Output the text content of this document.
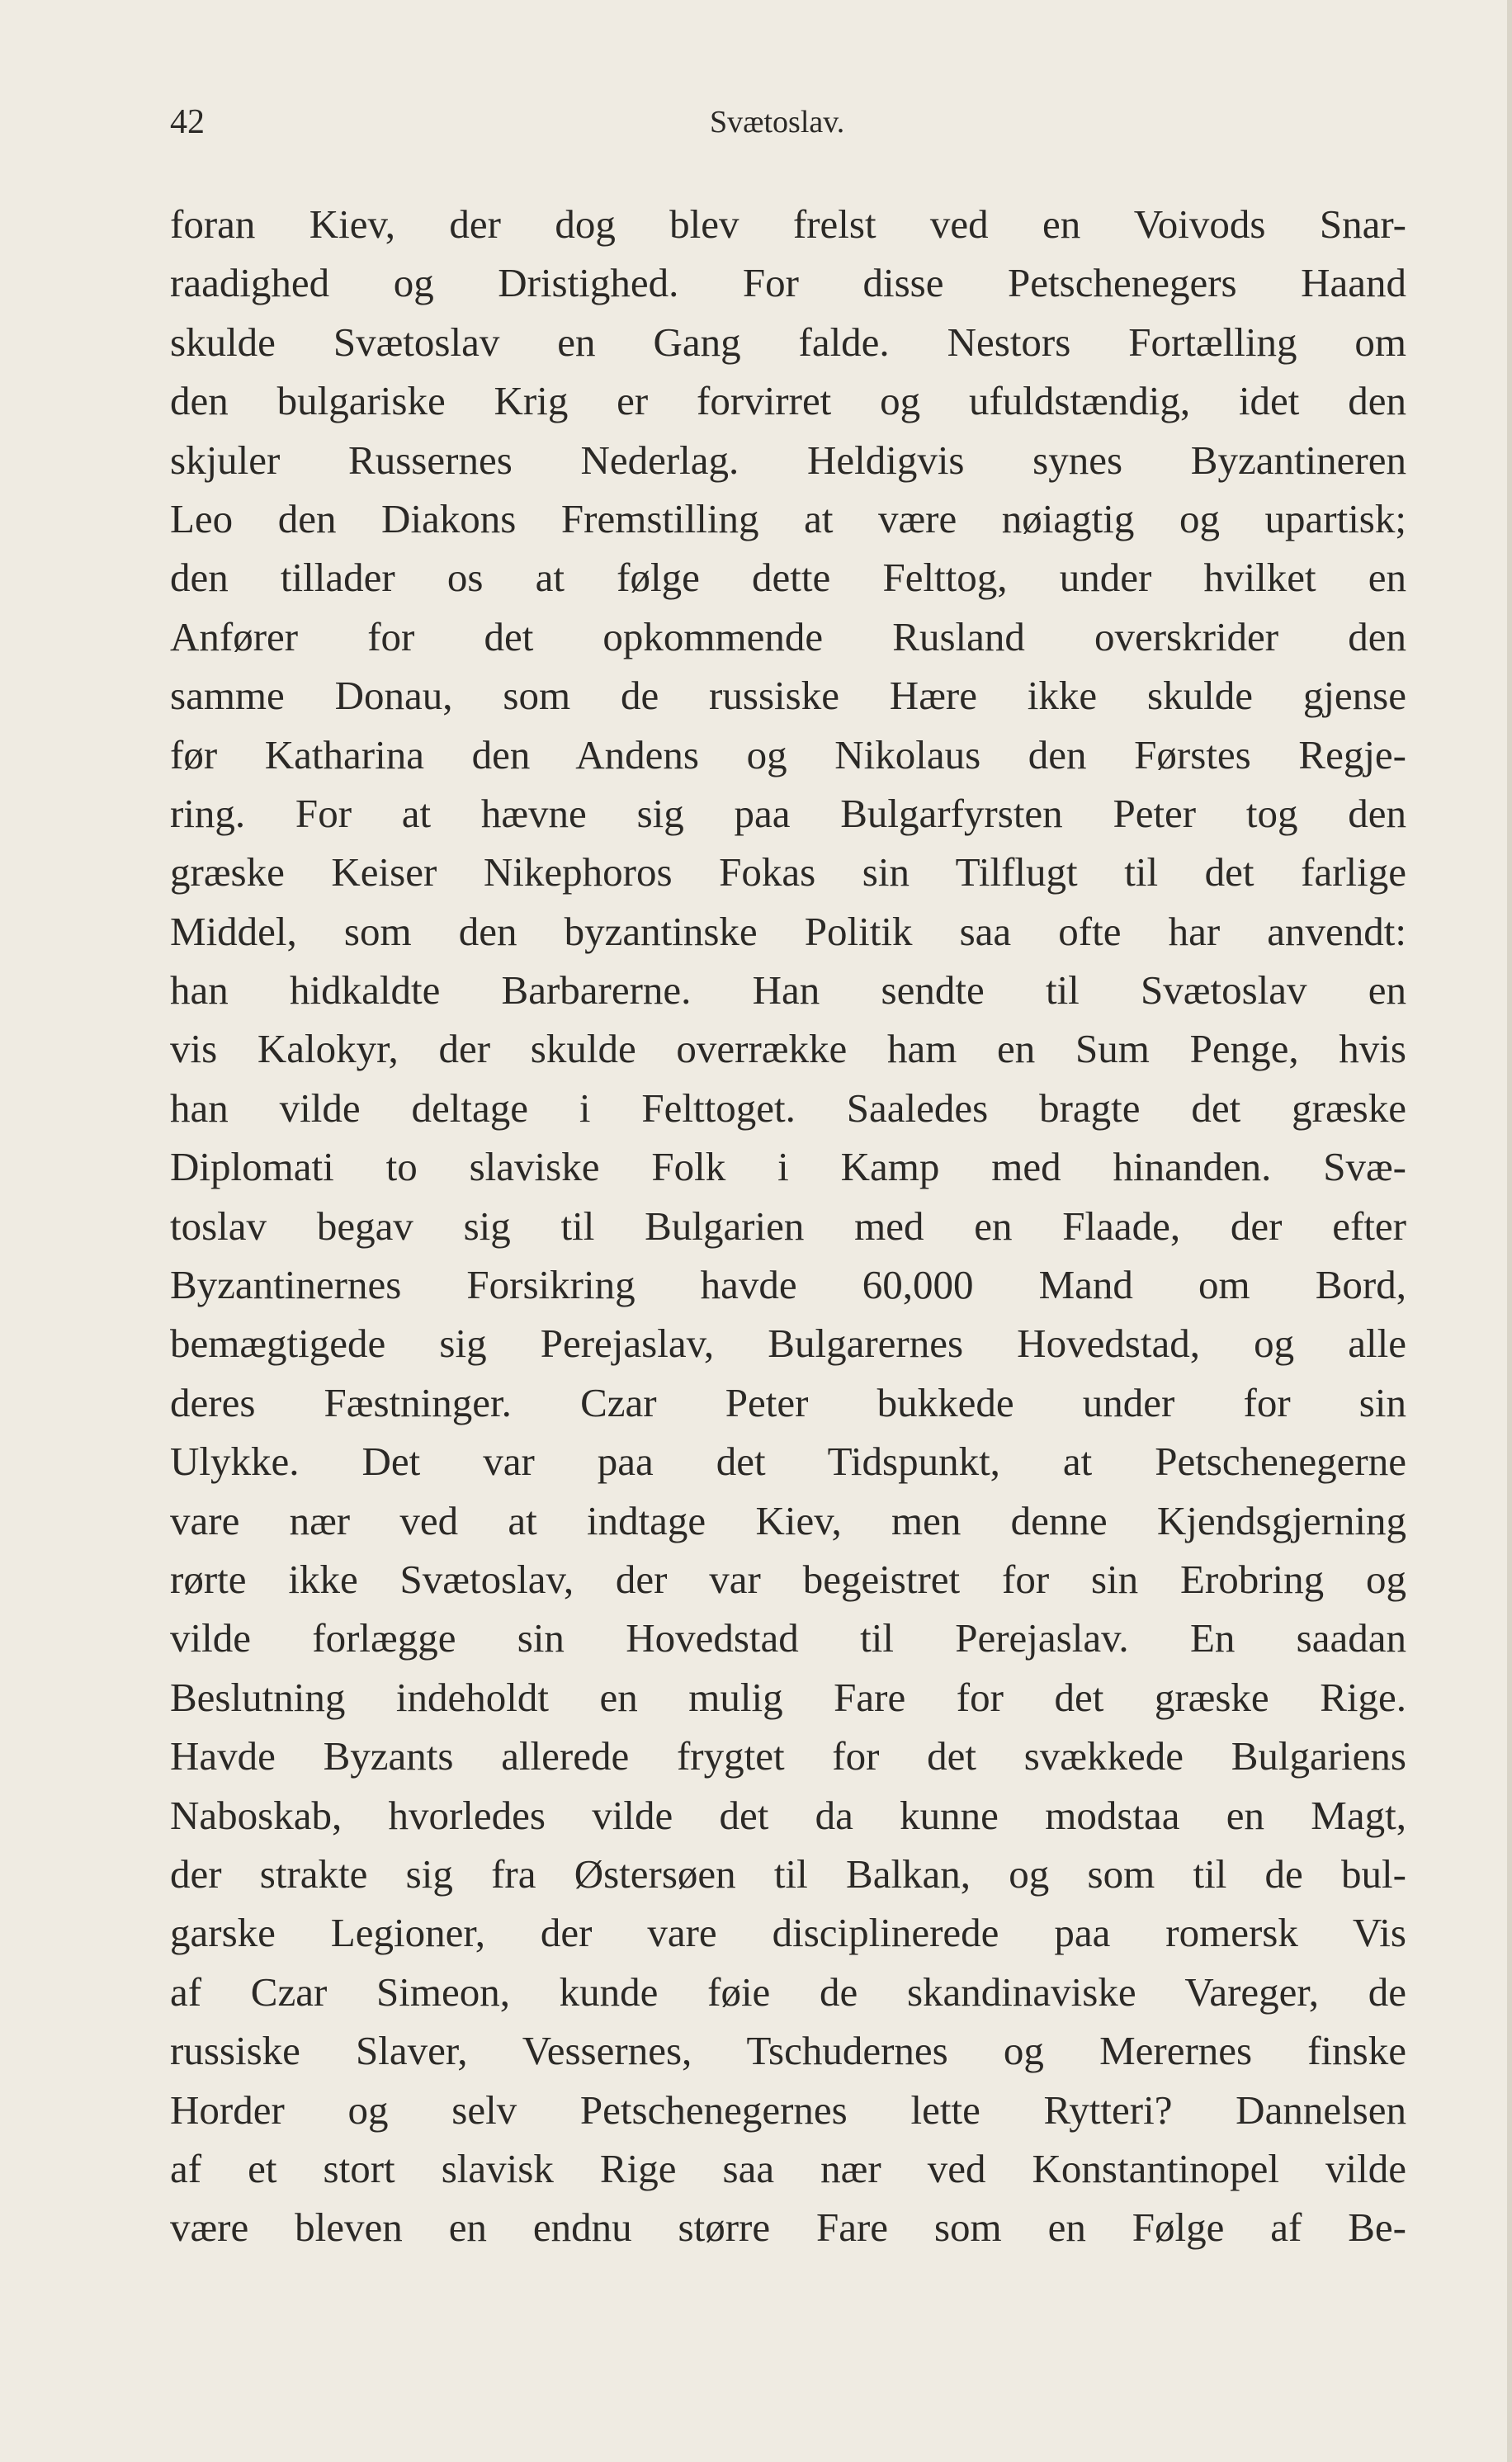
42	Svætoslav.
foran Kiev, der dog blev frelst ved en Voivods Snar-
raadighed og Dristighed. For disse Petschenegers Haand
skulde Svætoslav en Gang falde. Nestors Fortælling om
den bulgariske Krig er forvirret og ufuldstændig, idet den
skjuler Russernes Nederlag. Heldigvis synes Byzantineren
Leo den Diakons Fremstilling at være nøiagtig og upartisk;
den tillader os at følge dette Felttog, under hvilket en
Anfører for det opkommende Rusland overskrider den
samme Donau, som de russiske Hære ikke skulde gjense
før Katharina den Andens og Nikolaus den Førstes Regje-
ring. For at hævne sig paa Bulgarfyrsten Peter tog den
græske Keiser Nikephoros Fokas sin Tilflugt til det farlige
Middel, som den byzantinske Politik saa ofte har anvendt:
han hidkaldte Barbarerne. Han sendte til Svætoslav en
vis Kalokyr, der skulde overrække ham en Sum Penge, hvis
han vilde deltage i Felttoget. Saaledes bragte det græske
Diplomati to slaviske Folk i Kamp med hinanden. Svæ-
toslav begav sig til Bulgarien med en Flaade, der efter
Byzantinernes Forsikring havde 60,000 Mand om Bord,
bemægtigede sig Perejaslav, Bulgarernes Hovedstad, og alle
deres Fæstninger. Czar Peter bukkede under for sin
Ulykke. Det var paa det Tidspunkt, at Petschenegerne
vare nær ved at indtage Kiev, men denne Kjendsgjerning
rørte ikke Svætoslav, der var begeistret for sin Erobring og
vilde forlægge sin Hovedstad til Perejaslav. En saadan
Beslutning indeholdt en mulig Fare for det græske Rige.
Havde Byzants allerede frygtet for det svækkede Bulgariens
Naboskab, hvorledes vilde det da kunne modstaa en Magt,
der strakte sig fra Østersøen til Balkan, og som til de bul-
garske Legioner, der vare disciplinerede paa romersk Vis
af Czar Simeon, kunde føie de skandinaviske Vareger, de
russiske Slaver, Vessernes, Tschudernes og Merernes finske
Horder og selv Petschenegernes lette Rytteri? Dannelsen
af et stort slavisk Rige saa nær ved Konstantinopel vilde
være bleven en endnu større Fare som en Følge af Be-
